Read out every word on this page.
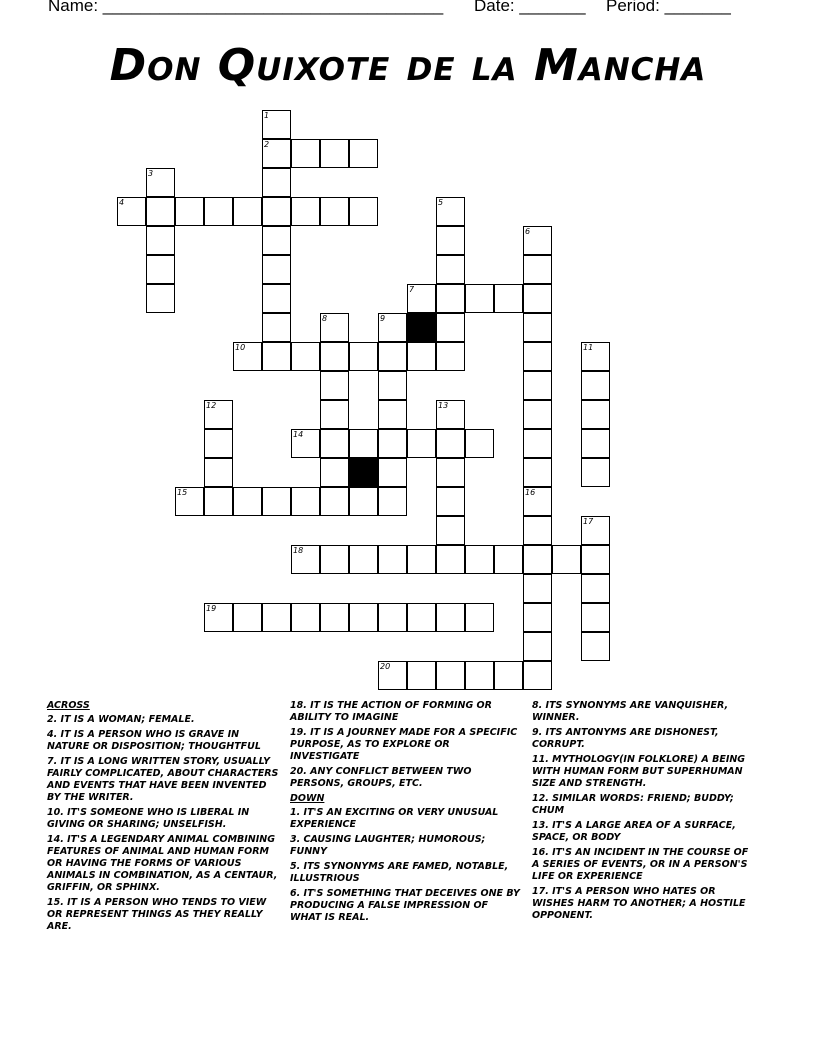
Name: ____________________________________ Date: _______ Period: _______
Don Quixote de la Mancha
1
2
3
4	5
6
7
8	9
10	11
12	13
14
15	16
17
18
19
20
ACROSS
2. IT IS A WOMAN; FEMALE.
4. IT IS A PERSON WHO IS GRAVE IN NATURE OR DISPOSITION; THOUGHTFUL
7. IT IS A LONG WRITTEN STORY, USUALLY FAIRLY COMPLICATED, ABOUT CHARACTERS AND EVENTS THAT HAVE BEEN INVENTED BY THE WRITER.
10. IT'S SOMEONE WHO IS LIBERAL IN GIVING OR SHARING; UNSELFISH.
14. IT'S A LEGENDARY ANIMAL COMBINING FEATURES OF ANIMAL AND HUMAN FORM OR HAVING THE FORMS OF VARIOUS ANIMALS IN COMBINATION, AS A CENTAUR, GRIFFIN, OR SPHINX.
15. IT IS A PERSON WHO TENDS TO VIEW OR REPRESENT THINGS AS THEY REALLY ARE.
18. IT IS THE ACTION OF FORMING OR ABILITY TO IMAGINE
19. IT IS A JOURNEY MADE FOR A SPECIFIC PURPOSE, AS TO EXPLORE OR INVESTIGATE
20. ANY CONFLICT BETWEEN TWO PERSONS, GROUPS, ETC.
DOWN
1. IT'S AN EXCITING OR VERY UNUSUAL EXPERIENCE
3. CAUSING LAUGHTER; HUMOROUS; FUNNY
5. ITS SYNONYMS ARE FAMED, NOTABLE, ILLUSTRIOUS
6. IT'S SOMETHING THAT DECEIVES ONE BY PRODUCING A FALSE IMPRESSION OF WHAT IS REAL.
8. ITS SYNONYMS ARE VANQUISHER, WINNER.
9. ITS ANTONYMS ARE DISHONEST, CORRUPT.
11. MYTHOLOGY(IN FOLKLORE) A BEING WITH HUMAN FORM BUT SUPERHUMAN SIZE AND STRENGTH.
12. SIMILAR WORDS: FRIEND; BUDDY; CHUM
13. IT'S A LARGE AREA OF A SURFACE, SPACE, OR BODY
16. IT'S AN INCIDENT IN THE COURSE OF A SERIES OF EVENTS, OR IN A PERSON'S LIFE OR EXPERIENCE
17. IT'S A PERSON WHO HATES OR WISHES HARM TO ANOTHER; A HOSTILE OPPONENT.
